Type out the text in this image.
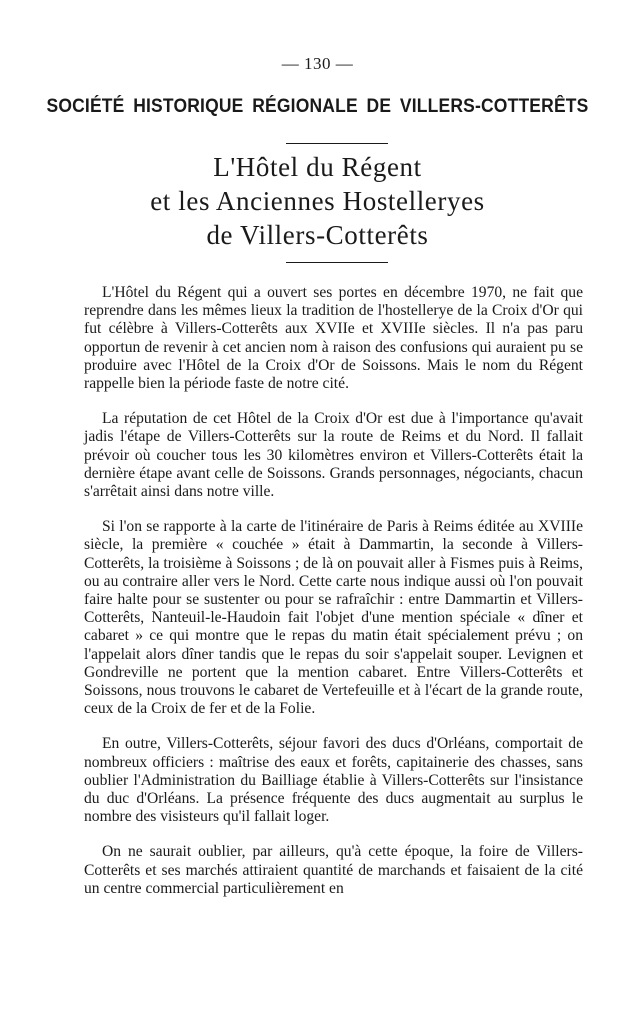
— 130 —
SOCIÉTÉ HISTORIQUE RÉGIONALE DE VILLERS-COTTERÊTS
L'Hôtel du Régent
et les Anciennes Hostelleryes
de Villers-Cotterêts

L'Hôtel du Régent qui a ouvert ses portes en décembre 1970, ne fait que reprendre dans les mêmes lieux la tradition de l'hostellerye de la Croix d'Or qui fut célèbre à Villers-Cotterêts aux XVIIe et XVIIIe siècles. Il n'a pas paru opportun de revenir à cet ancien nom à raison des confusions qui auraient pu se produire avec l'Hôtel de la Croix d'Or de Soissons. Mais le nom du Régent rappelle bien la période faste de notre cité.

La réputation de cet Hôtel de la Croix d'Or est due à l'importance qu'avait jadis l'étape de Villers-Cotterêts sur la route de Reims et du Nord. Il fallait prévoir où coucher tous les 30 kilomètres environ et Villers-Cotterêts était la dernière étape avant celle de Soissons. Grands personnages, négociants, chacun s'arrêtait ainsi dans notre ville.

Si l'on se rapporte à la carte de l'itinéraire de Paris à Reims éditée au XVIIIe siècle, la première « couchée » était à Dammartin, la seconde à Villers-Cotterêts, la troisième à Soissons ; de là on pouvait aller à Fismes puis à Reims, ou au contraire aller vers le Nord. Cette carte nous indique aussi où l'on pouvait faire halte pour se sustenter ou pour se rafraîchir : entre Dammartin et Villers-Cotterêts, Nanteuil-le-Haudoin fait l'objet d'une mention spéciale « dîner et cabaret » ce qui montre que le repas du matin était spécialement prévu ; on l'appelait alors dîner tandis que le repas du soir s'appelait souper. Levignen et Gondreville ne portent que la mention cabaret. Entre Villers-Cotterêts et Soissons, nous trouvons le cabaret de Vertefeuille et à l'écart de la grande route, ceux de la Croix de fer et de la Folie.

En outre, Villers-Cotterêts, séjour favori des ducs d'Orléans, comportait de nombreux officiers : maîtrise des eaux et forêts, capitainerie des chasses, sans oublier l'Administration du Bailliage établie à Villers-Cotterêts sur l'insistance du duc d'Orléans. La présence fréquente des ducs augmentait au surplus le nombre des visisteurs qu'il fallait loger.

On ne saurait oublier, par ailleurs, qu'à cette époque, la foire de Villers-Cotterêts et ses marchés attiraient quantité de marchands et faisaient de la cité un centre commercial particulièrement en
